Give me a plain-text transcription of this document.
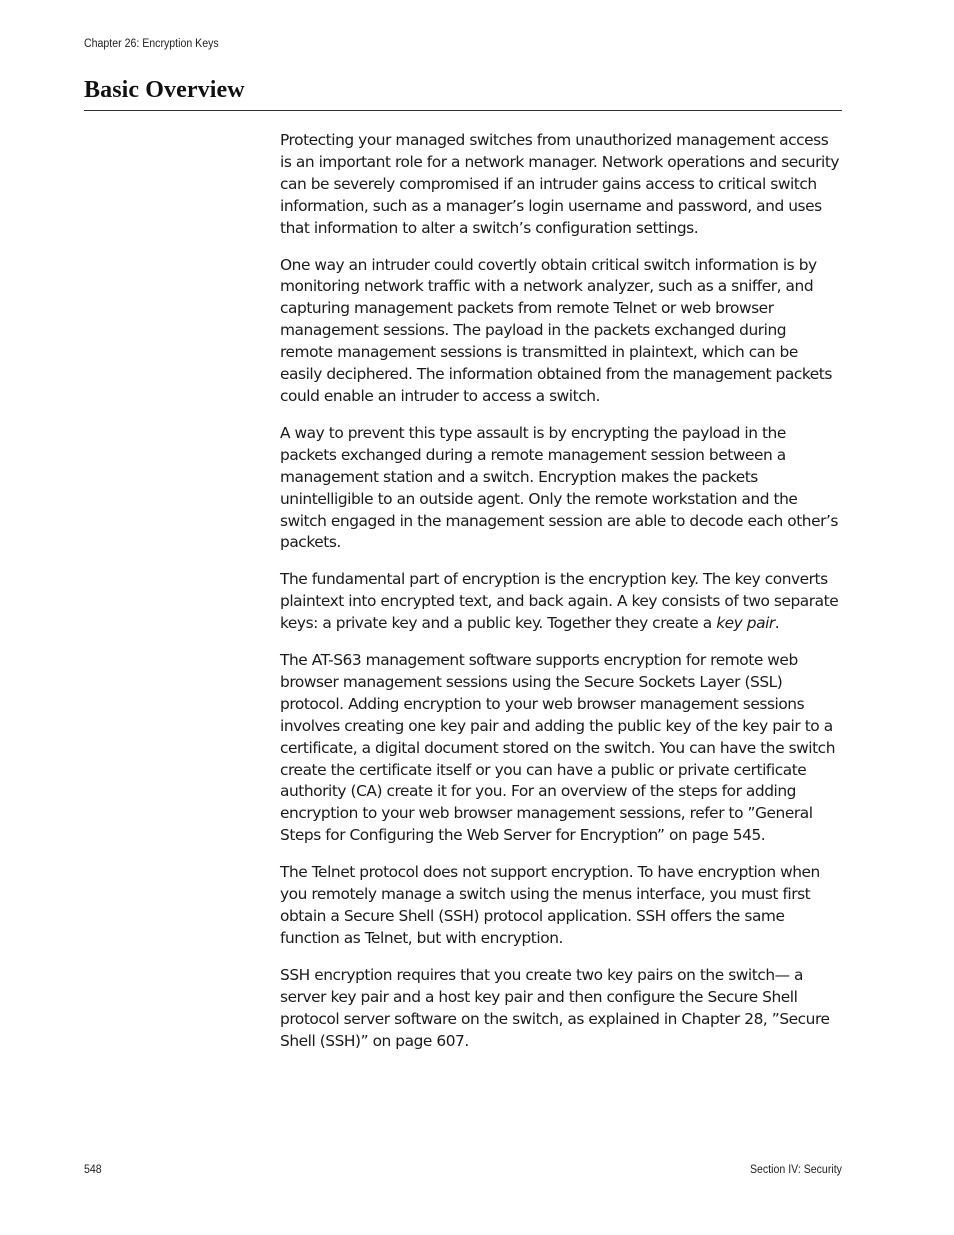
Chapter 26: Encryption Keys
Basic Overview

Protecting your managed switches from unauthorized management access is an important role for a network manager. Network operations and security can be severely compromised if an intruder gains access to critical switch information, such as a manager’s login username and password, and uses that information to alter a switch’s configuration settings.

One way an intruder could covertly obtain critical switch information is by monitoring network traffic with a network analyzer, such as a sniffer, and capturing management packets from remote Telnet or web browser management sessions. The payload in the packets exchanged during remote management sessions is transmitted in plaintext, which can be easily deciphered. The information obtained from the management packets could enable an intruder to access a switch.

A way to prevent this type assault is by encrypting the payload in the packets exchanged during a remote management session between a management station and a switch. Encryption makes the packets unintelligible to an outside agent. Only the remote workstation and the switch engaged in the management session are able to decode each other’s packets.

The fundamental part of encryption is the encryption key. The key converts plaintext into encrypted text, and back again. A key consists of two separate keys: a private key and a public key. Together they create a key pair.

The AT-S63 management software supports encryption for remote web browser management sessions using the Secure Sockets Layer (SSL) protocol. Adding encryption to your web browser management sessions involves creating one key pair and adding the public key of the key pair to a certificate, a digital document stored on the switch. You can have the switch create the certificate itself or you can have a public or private certificate authority (CA) create it for you. For an overview of the steps for adding encryption to your web browser management sessions, refer to ”General Steps for Configuring the Web Server for Encryption” on page 545.

The Telnet protocol does not support encryption. To have encryption when you remotely manage a switch using the menus interface, you must first obtain a Secure Shell (SSH) protocol application. SSH offers the same function as Telnet, but with encryption.

SSH encryption requires that you create two key pairs on the switch— a server key pair and a host key pair and then configure the Secure Shell protocol server software on the switch, as explained in Chapter 28, ”Secure Shell (SSH)” on page 607.

548	Section IV: Security
